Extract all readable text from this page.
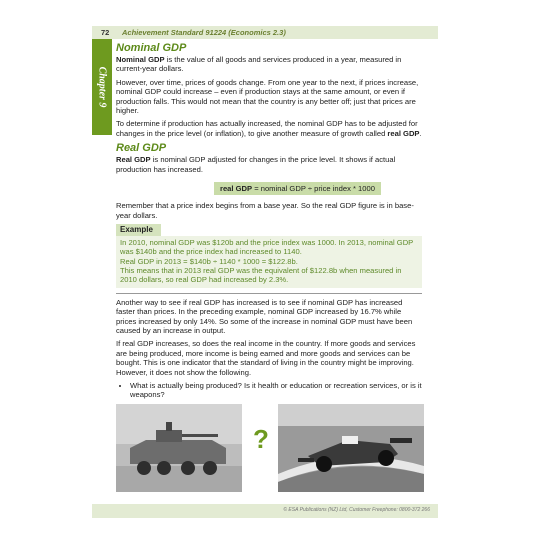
72 Achievement Standard 91224 (Economics 2.3)
Chapter 9
Nominal GDP

Nominal GDP is the value of all goods and services produced in a year, measured in current-year dollars.

However, over time, prices of goods change. From one year to the next, if prices increase, nominal GDP could increase – even if production stays at the same amount, or even if production falls. This would not mean that the country is any better off; just that prices are higher.

To determine if production has actually increased, the nominal GDP has to be adjusted for changes in the price level (or inflation), to give another measure of growth called real GDP.

Real GDP

Real GDP is nominal GDP adjusted for changes in the price level. It shows if actual production has increased.

real GDP = nominal GDP ÷ price index * 1000

Remember that a price index begins from a base year. So the real GDP figure is in base-year dollars.

Example

In 2010, nominal GDP was $120b and the price index was 1000. In 2013, nominal GDP was $140b and the price index had increased to 1140.

Real GDP in 2013 = $140b ÷ 1140 * 1000 = $122.8b.

This means that in 2013 real GDP was the equivalent of $122.8b when measured in 2010 dollars, so real GDP had increased by 2.3%.

Another way to see if real GDP has increased is to see if nominal GDP has increased faster than prices. In the preceding example, nominal GDP increased by 16.7% while prices increased by only 14%. So some of the increase in nominal GDP must have been caused by an increase in output.

If real GDP increases, so does the real income in the country. If more goods and services are being produced, more income is being earned and more goods and services can be bought. This is one indicator that the standard of living in the country might be improving. However, it does not show the following.

• What is actually being produced? Is it health or education or recreation services, or is it weapons?
?
© ESA Publications (NZ) Ltd, Customer Freephone: 0800-372 266
